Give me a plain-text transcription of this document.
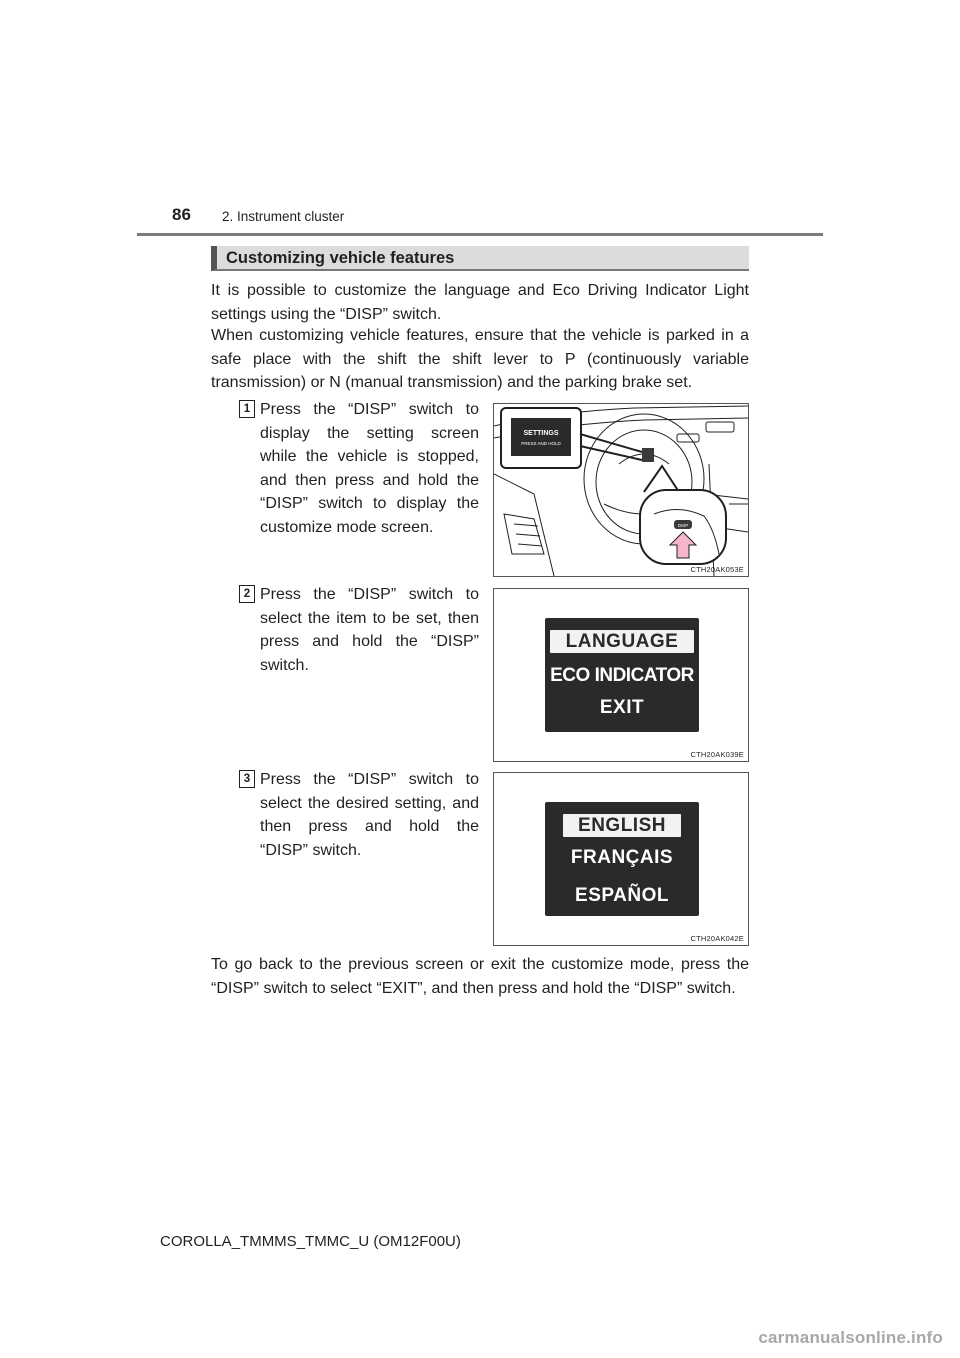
86 2. Instrument cluster
Customizing vehicle features

It is possible to customize the language and Eco Driving Indicator Light settings using the “DISP” switch.

When customizing vehicle features, ensure that the vehicle is parked in a safe place with the shift the shift lever to P (continuously variable transmission) or N (manual transmission) and the parking brake set.

1 Press the “DISP” switch to display the setting screen while the vehicle is stopped, and then press and hold the “DISP” switch to display the customize mode screen.

SETTINGS
PRESS AND HOLD
DISP
CTH20AK053E
2 Press the “DISP” switch to select the item to be set, then press and hold the “DISP” switch.

LANGUAGE
ECO INDICATOR
EXIT
CTH20AK039E
3 Press the “DISP” switch to select the desired setting, and then press and hold the “DISP” switch.

ENGLISH
FRANÇAIS
ESPAÑOL
CTH20AK042E

To go back to the previous screen or exit the customize mode, press the “DISP” switch to select “EXIT”, and then press and hold the “DISP” switch.

COROLLA_TMMMS_TMMC_U (OM12F00U)
carmanualsonline.info
